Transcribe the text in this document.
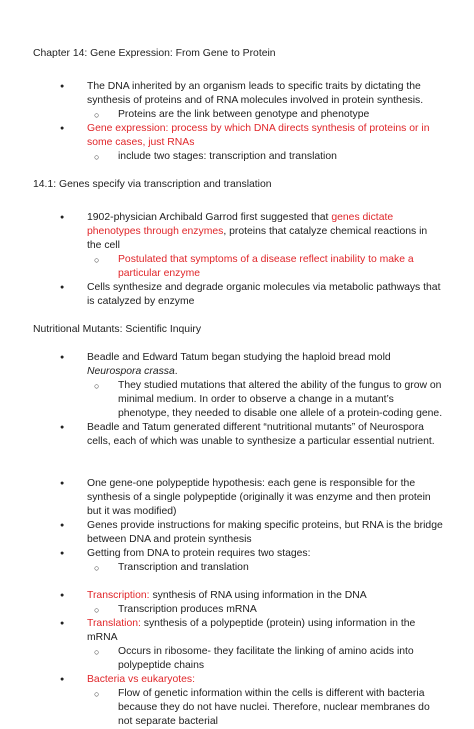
Chapter 14: Gene Expression: From Gene to Protein

● The DNA inherited by an organism leads to specific traits by dictating the synthesis of proteins and of RNA molecules involved in protein synthesis.
○ Proteins are the link between genotype and phenotype
● Gene expression: process by which DNA directs synthesis of proteins or in some cases, just RNAs
○ include two stages: transcription and translation

14.1: Genes specify via transcription and translation

● 1902-physician Archibald Garrod first suggested that genes dictate phenotypes through enzymes, proteins that catalyze chemical reactions in the cell
○ Postulated that symptoms of a disease reflect inability to make a particular enzyme
● Cells synthesize and degrade organic molecules via metabolic pathways that is catalyzed by enzyme

Nutritional Mutants: Scientific Inquiry

● Beadle and Edward Tatum began studying the haploid bread mold Neurospora crassa.
○ They studied mutations that altered the ability of the fungus to grow on minimal medium. In order to observe a change in a mutant’s phenotype, they needed to disable one allele of a protein-coding gene.
● Beadle and Tatum generated different “nutritional mutants” of Neurospora cells, each of which was unable to synthesize a particular essential nutrient.
● One gene-one polypeptide hypothesis: each gene is responsible for the synthesis of a single polypeptide (originally it was enzyme and then protein but it was modified)
● Genes provide instructions for making specific proteins, but RNA is the bridge between DNA and protein synthesis
● Getting from DNA to protein requires two stages:
○ Transcription and translation
● Transcription: synthesis of RNA using information in the DNA
○ Transcription produces mRNA
● Translation: synthesis of a polypeptide (protein) using information in the mRNA
○ Occurs in ribosome- they facilitate the linking of amino acids into polypeptide chains
● Bacteria vs eukaryotes:
○ Flow of genetic information within the cells is different with bacteria because they do not have nuclei. Therefore, nuclear membranes do not separate bacterial
